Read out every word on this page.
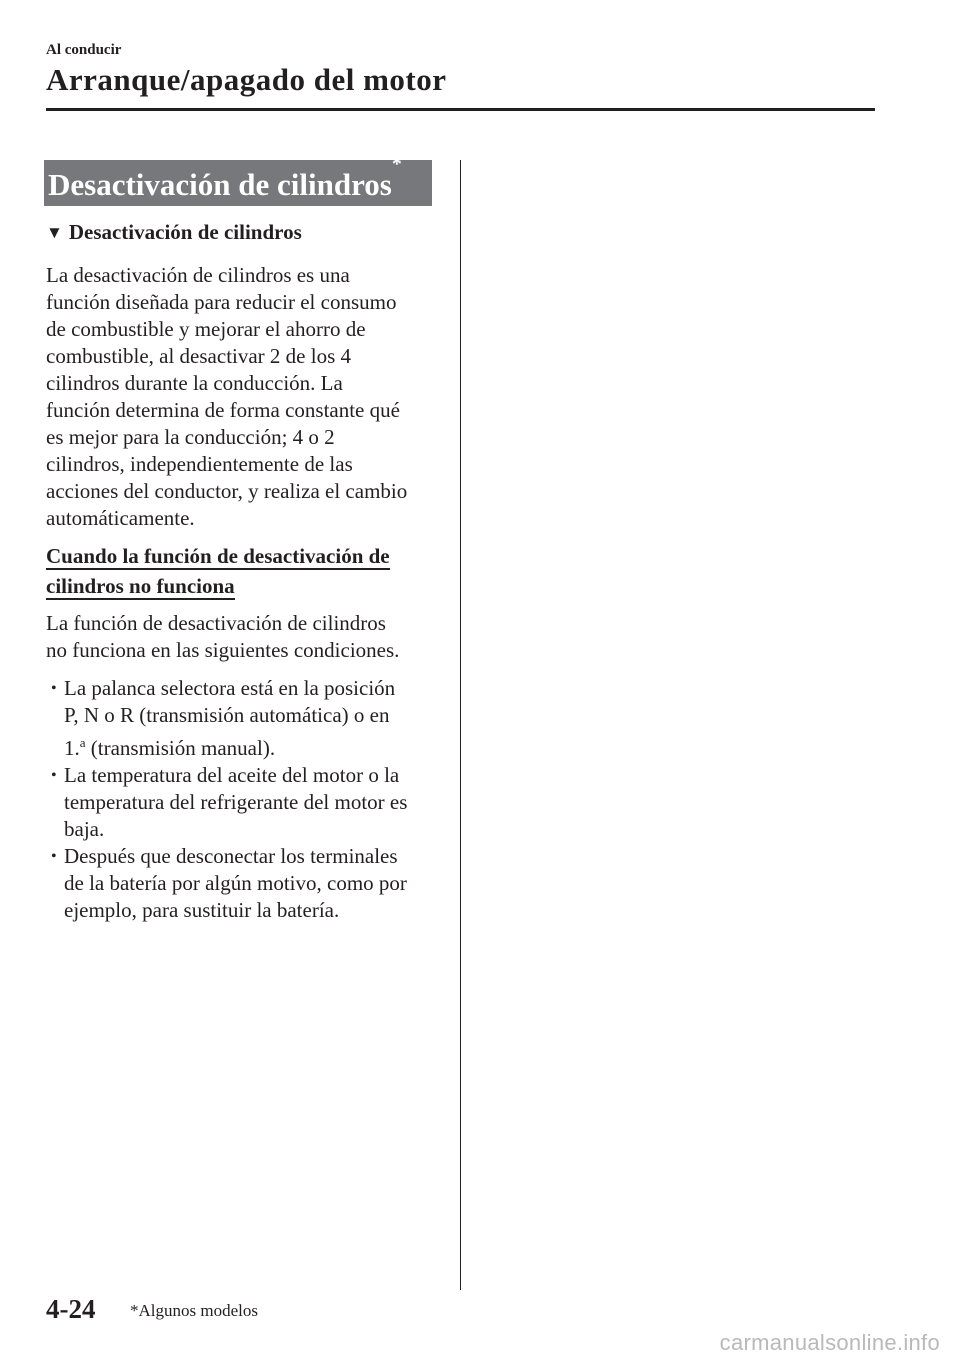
Al conducir
Arranque/apagado del motor
Desactivación de cilindros*
▼ Desactivación de cilindros
La desactivación de cilindros es una
función diseñada para reducir el consumo
de combustible y mejorar el ahorro de
combustible, al desactivar 2 de los 4
cilindros durante la conducción. La
función determina de forma constante qué
es mejor para la conducción; 4 o 2
cilindros, independientemente de las
acciones del conductor, y realiza el cambio
automáticamente.
Cuando la función de desactivación de
cilindros no funciona
La función de desactivación de cilindros
no funciona en las siguientes condiciones.
• La palanca selectora está en la posición
P, N o R (transmisión automática) o en
1.$^a$ (transmisión manual).
• La temperatura del aceite del motor o la
temperatura del refrigerante del motor es
baja.
• Después que desconectar los terminales
de la batería por algún motivo, como por
ejemplo, para sustituir la batería.
4-24 *Algunos modelos
carmanualsonline.info
